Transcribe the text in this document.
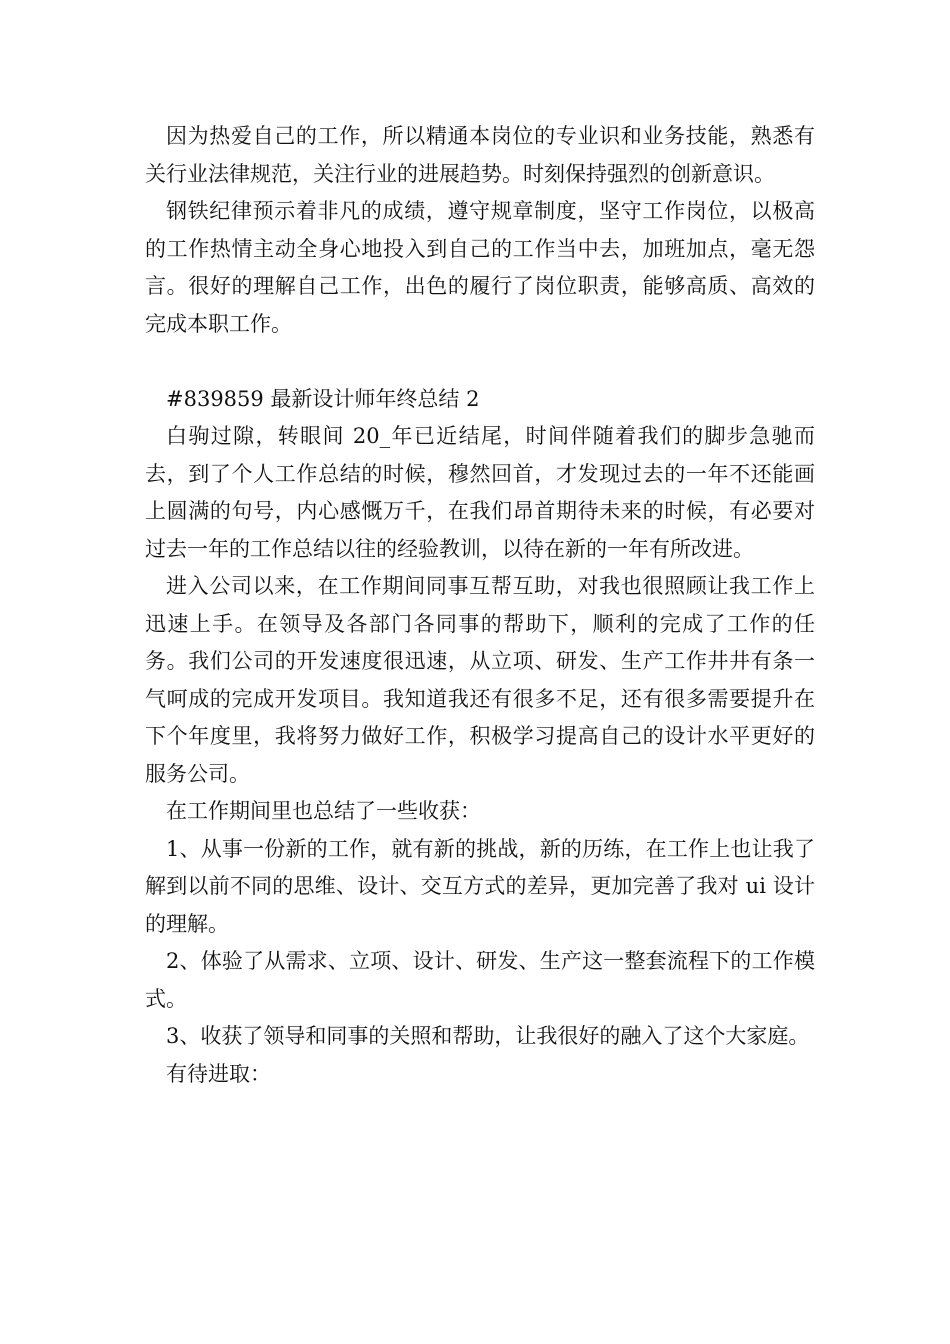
因为热爱自己的工作，所以精通本岗位的专业识和业务技能，熟悉有关行业法律规范，关注行业的进展趋势。时刻保持强烈的创新意识。

钢铁纪律预示着非凡的成绩，遵守规章制度，坚守工作岗位，以极高的工作热情主动全身心地投入到自己的工作当中去，加班加点，毫无怨言。很好的理解自己工作，出色的履行了岗位职责，能够高质、高效的完成本职工作。

#839859 最新设计师年终总结 2

白驹过隙，转眼间 20_年已近结尾，时间伴随着我们的脚步急驰而去，到了个人工作总结的时候，穆然回首，才发现过去的一年不还能画上圆满的句号，内心感慨万千，在我们昂首期待未来的时候，有必要对过去一年的工作总结以往的经验教训，以待在新的一年有所改进。

进入公司以来，在工作期间同事互帮互助，对我也很照顾让我工作上迅速上手。在领导及各部门各同事的帮助下，顺利的完成了工作的任务。我们公司的开发速度很迅速，从立项、研发、生产工作井井有条一气呵成的完成开发项目。我知道我还有很多不足，还有很多需要提升在下个年度里，我将努力做好工作，积极学习提高自己的设计水平更好的服务公司。

在工作期间里也总结了一些收获：

1、从事一份新的工作，就有新的挑战，新的历练，在工作上也让我了解到以前不同的思维、设计、交互方式的差异，更加完善了我对 ui 设计的理解。

2、体验了从需求、立项、设计、研发、生产这一整套流程下的工作模式。

3、收获了领导和同事的关照和帮助，让我很好的融入了这个大家庭。

有待进取：
